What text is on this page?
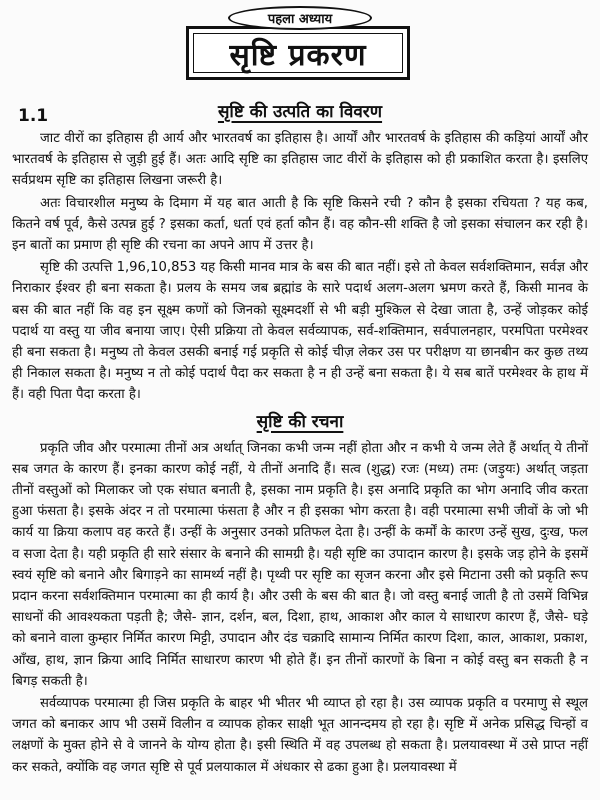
पहला अध्याय
सृष्टि प्रकरण
1.1	सृष्टि की उत्पति का विवरण

जाट वीरों का इतिहास ही आर्य और भारतवर्ष का इतिहास है। आर्यों और भारतवर्ष के इतिहास की कड़ियां आर्यों और भारतवर्ष के इतिहास से जुड़ी हुई हैं। अतः आदि सृष्टि का इतिहास जाट वीरों के इतिहास को ही प्रकाशित करता है। इसलिए सर्वप्रथम सृष्टि का इतिहास लिखना जरूरी है।

अतः विचारशील मनुष्य के दिमाग में यह बात आती है कि सृष्टि किसने रची ? कौन है इसका रचियता ? यह कब, कितने वर्ष पूर्व, कैसे उत्पन्न हुई ? इसका कर्ता, धर्ता एवं हर्ता कौन हैं। वह कौन-सी शक्ति है जो इसका संचालन कर रही है। इन बातों का प्रमाण ही सृष्टि की रचना का अपने आप में उत्तर है।

सृष्टि की उत्पत्ति 1,96,10,853 यह किसी मानव मात्र के बस की बात नहीं। इसे तो केवल सर्वशक्तिमान, सर्वज्ञ और निराकार ईश्वर ही बना सकता है। प्रलय के समय जब ब्रह्मांड के सारे पदार्थ अलग-अलग भ्रमण करते हैं, किसी मानव के बस की बात नहीं कि वह इन सूक्ष्म कणों को जिनको सूक्ष्मदर्शी से भी बड़ी मुश्किल से देखा जाता है, उन्हें जोड़कर कोई पदार्थ या वस्तु या जीव बनाया जाए। ऐसी प्रक्रिया तो केवल सर्वव्यापक, सर्व-शक्तिमान, सर्वपालनहार, परमपिता परमेश्वर ही बना सकता है। मनुष्य तो केवल उसकी बनाई गई प्रकृति से कोई चीज़ लेकर उस पर परीक्षण या छानबीन कर कुछ तथ्य ही निकाल सकता है। मनुष्य न तो कोई पदार्थ पैदा कर सकता है न ही उन्हें बना सकता है। ये सब बातें परमेश्वर के हाथ में हैं। वही पिता पैदा करता है।

सृष्टि की रचना

प्रकृति जीव और परमात्मा तीनों अत्र अर्थात् जिनका कभी जन्म नहीं होता और न कभी ये जन्म लेते हैं अर्थात् ये तीनों सब जगत के कारण हैं। इनका कारण कोई नहीं, ये तीनों अनादि हैं। सत्व (शुद्ध) रजः (मध्य) तमः (जड़ुयः) अर्थात् जड़ता तीनों वस्तुओं को मिलाकर जो एक संघात बनाती है, इसका नाम प्रकृति है। इस अनादि प्रकृति का भोग अनादि जीव करता हुआ फंसता है। इसके अंदर न तो परमात्मा फंसता है और न ही इसका भोग करता है। वही परमात्मा सभी जीवों के जो भी कार्य या क्रिया कलाप वह करते हैं। उन्हीं के अनुसार उनको प्रतिफल देता है। उन्हीं के कर्मों के कारण उन्हें सुख, दुःख, फल व सजा देता है। यही प्रकृति ही सारे संसार के बनाने की सामग्री है। यही सृष्टि का उपादान कारण है। इसके जड़ होने के इसमें स्वयं सृष्टि को बनाने और बिगाड़ने का सामर्थ्य नहीं है। पृथ्वी पर सृष्टि का सृजन करना और इसे मिटाना उसी को प्रकृति रूप प्रदान करना सर्वशक्तिमान परमात्मा का ही कार्य है। और उसी के बस की बात है। जो वस्तु बनाई जाती है तो उसमें विभिन्न साधनों की आवश्यकता पड़ती है; जैसे- ज्ञान, दर्शन, बल, दिशा, हाथ, आकाश और काल ये साधारण कारण हैं, जैसे- घड़े को बनाने वाला कुम्हार निर्मित कारण मिट्टी, उपादान और दंड चक्रादि सामान्य निर्मित कारण दिशा, काल, आकाश, प्रकाश, आँख, हाथ, ज्ञान क्रिया आदि निर्मित साधारण कारण भी होते हैं। इन तीनों कारणों के बिना न कोई वस्तु बन सकती है न बिगड़ सकती है।

सर्वव्यापक परमात्मा ही जिस प्रकृति के बाहर भी भीतर भी व्याप्त हो रहा है। उस व्यापक प्रकृति व परमाणु से स्थूल जगत को बनाकर आप भी उसमें विलीन व व्यापक होकर साक्षी भूत आनन्दमय हो रहा है। सृष्टि में अनेक प्रसिद्ध चिन्हों व लक्षणों के मुक्त होने से वे जानने के योग्य होता है। इसी स्थिति में वह उपलब्ध हो सकता है। प्रलयावस्था में उसे प्राप्त नहीं कर सकते, क्योंकि वह जगत सृष्टि से पूर्व प्रलयाकाल में अंधकार से ढका हुआ है। प्रलयावस्था में
